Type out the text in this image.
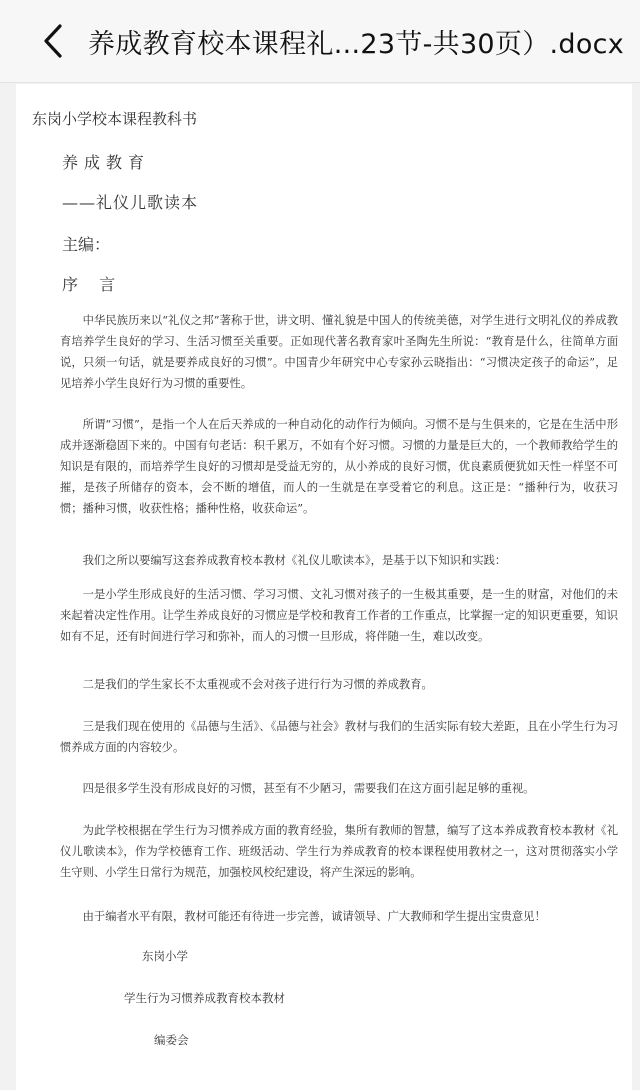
养成教育校本课程礼...23节-共30页）.docx
东岗小学校本课程教科书
养成教育
——礼仪儿歌读本
主编：
序 言
中华民族历来以“礼仪之邦”著称于世，讲文明、懂礼貌是中国人的传统美德，对学生进行文明礼仪的养成教育培养学生良好的学习、生活习惯至关重要。正如现代著名教育家叶圣陶先生所说：“教育是什么，往简单方面说，只须一句话，就是要养成良好的习惯”。中国青少年研究中心专家孙云晓指出：“习惯决定孩子的命运”，足见培养小学生良好行为习惯的重要性。
所谓“习惯”，是指一个人在后天养成的一种自动化的动作行为倾向。习惯不是与生俱来的，它是在生活中形成并逐渐稳固下来的。中国有句老话：积千累万，不如有个好习惯。习惯的力量是巨大的，一个教师教给学生的知识是有限的，而培养学生良好的习惯却是受益无穷的，从小养成的良好习惯，优良素质便犹如天性一样坚不可摧，是孩子所储存的资本，会不断的增值，而人的一生就是在享受着它的利息。这正是：“播种行为，收获习惯；播种习惯，收获性格；播种性格，收获命运”。
我们之所以要编写这套养成教育校本教材《礼仪儿歌读本》，是基于以下知识和实践：
一是小学生形成良好的生活习惯、学习习惯、文礼习惯对孩子的一生极其重要，是一生的财富，对他们的未来起着决定性作用。让学生养成良好的习惯应是学校和教育工作者的工作重点，比掌握一定的知识更重要，知识如有不足，还有时间进行学习和弥补，而人的习惯一旦形成，将伴随一生，难以改变。
二是我们的学生家长不太重视或不会对孩子进行行为习惯的养成教育。
三是我们现在使用的《品德与生活》、《品德与社会》教材与我们的生活实际有较大差距，且在小学生行为习惯养成方面的内容较少。
四是很多学生没有形成良好的习惯，甚至有不少陋习，需要我们在这方面引起足够的重视。
为此学校根据在学生行为习惯养成方面的教育经验，集所有教师的智慧，编写了这本养成教育校本教材《礼仪儿歌读本》，作为学校德育工作、班级活动、学生行为养成教育的校本课程使用教材之一，这对贯彻落实小学生守则、小学生日常行为规范，加强校风校纪建设，将产生深远的影响。
由于编者水平有限，教材可能还有待进一步完善，诚请领导、广大教师和学生提出宝贵意见！
东岗小学
学生行为习惯养成教育校本教材
编委会
